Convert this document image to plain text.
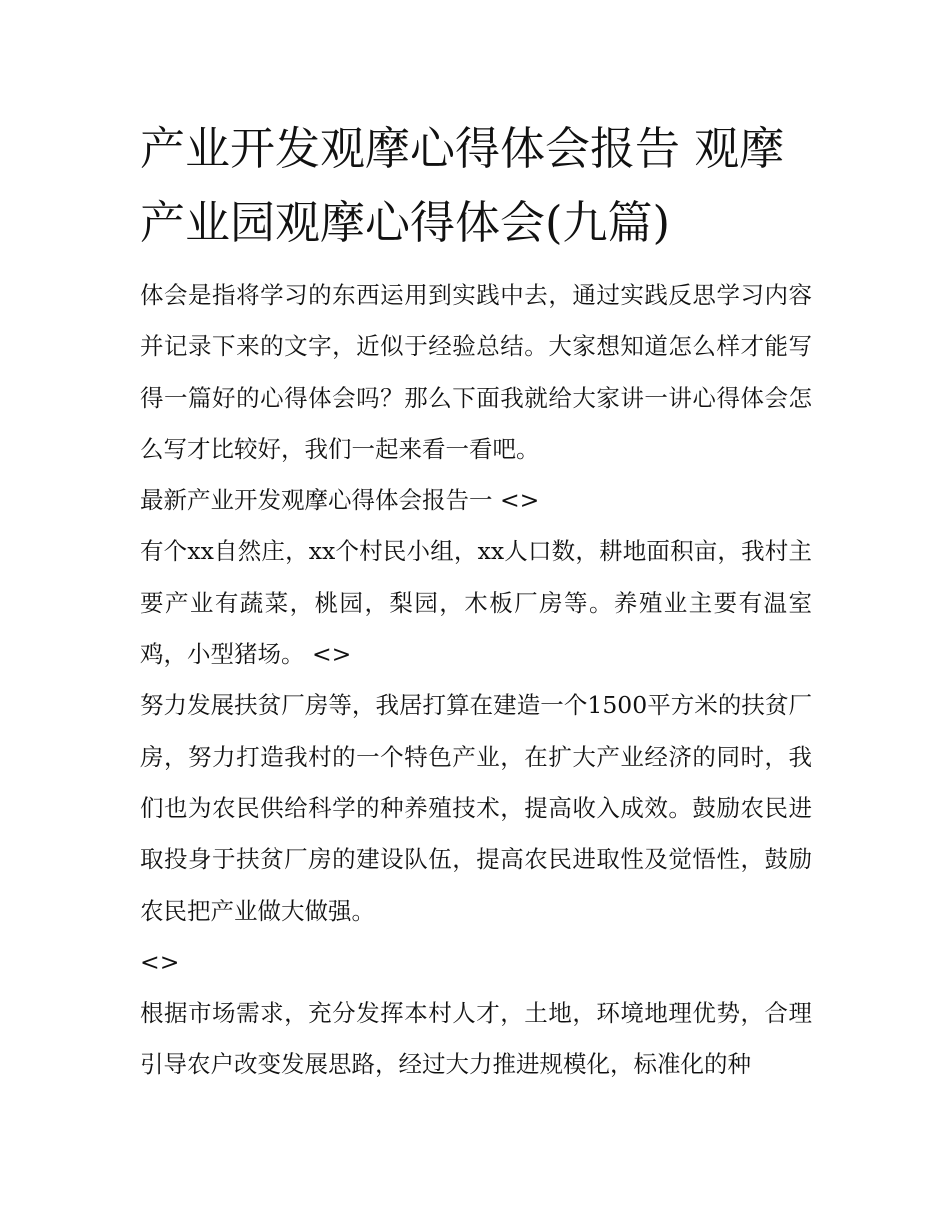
产业开发观摩心得体会报告 观摩产业园观摩心得体会(九篇)

体会是指将学习的东西运用到实践中去，通过实践反思学习内容并记录下来的文字，近似于经验总结。大家想知道怎么样才能写得一篇好的心得体会吗？那么下面我就给大家讲一讲心得体会怎么写才比较好，我们一起来看一看吧。

最新产业开发观摩心得体会报告一 <>

有个xx自然庄，xx个村民小组，xx人口数，耕地面积亩，我村主要产业有蔬菜，桃园，梨园，木板厂房等。养殖业主要有温室鸡，小型猪场。 <>

努力发展扶贫厂房等，我居打算在建造一个1500平方米的扶贫厂房，努力打造我村的一个特色产业，在扩大产业经济的同时，我们也为农民供给科学的种养殖技术，提高收入成效。鼓励农民进取投身于扶贫厂房的建设队伍，提高农民进取性及觉悟性，鼓励农民把产业做大做强。

<>

根据市场需求，充分发挥本村人才，土地，环境地理优势，合理引导农户改变发展思路，经过大力推进规模化，标准化的种
